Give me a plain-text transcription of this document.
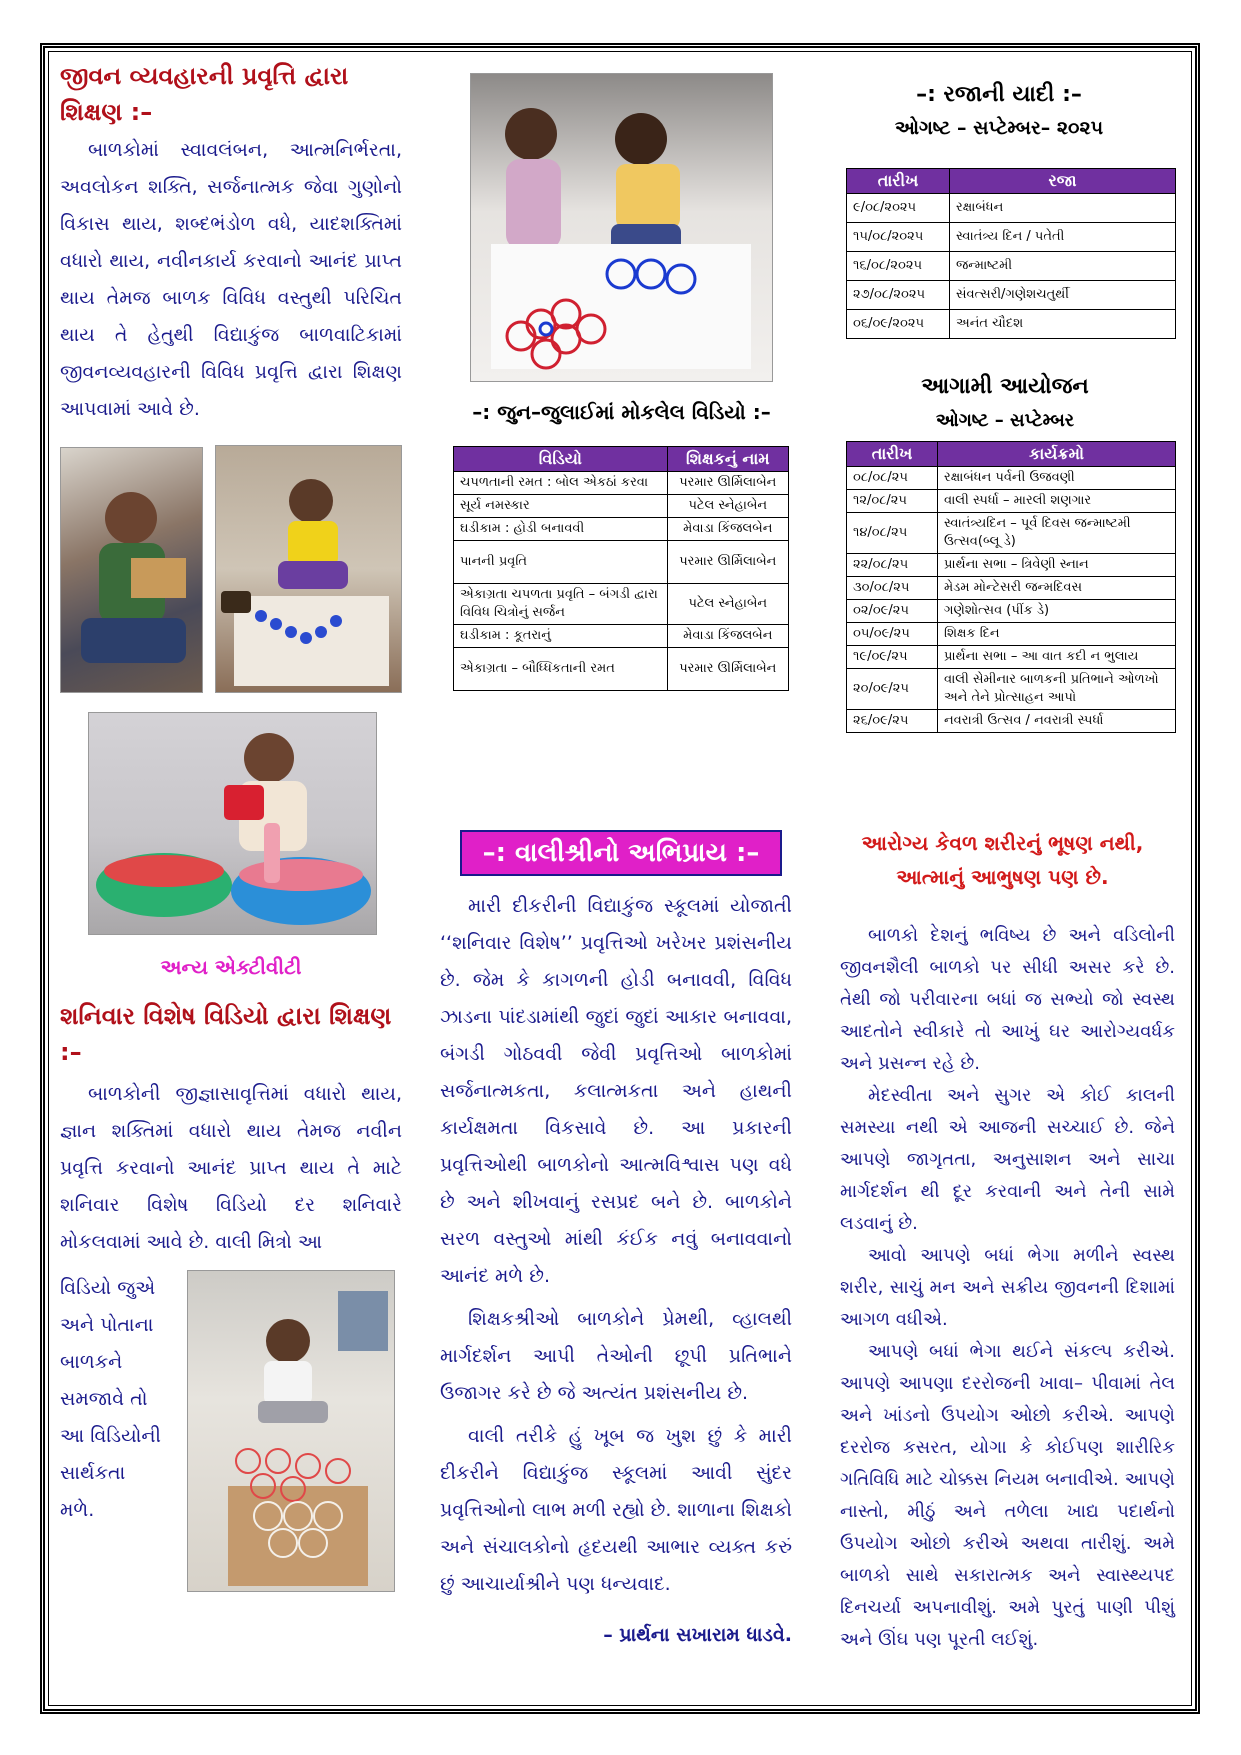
જીવન વ્યવહારની પ્રવૃત્તિ દ્વારા શિક્ષણ :–
બાળકોમાં સ્વાવલંબન, આત્મનિર્ભરતા, અવલોકન શક્તિ, સર્જનાત્મક જેવા ગુણોનો વિકાસ થાય, શબ્દભંડોળ વધે, યાદશક્તિમાં વધારો થાય, નવીનકાર્ય કરવાનો આનંદ પ્રાપ્ત થાય તેમજ બાળક વિવિધ વસ્તુથી પરિચિત થાય તે હેતુથી વિદ્યાકુંજ બાળવાટિકામાં જીવનવ્યવહારની વિવિધ પ્રવૃત્તિ દ્વારા શિક્ષણ આપવામાં આવે છે.
અન્ય એક્ટીવીટી
શનિવાર વિશેષ વિડિયો દ્વારા શિક્ષણ :–
બાળકોની જીજ્ઞાસાવૃત્તિમાં વધારો થાય, જ્ઞાન શક્તિમાં વધારો થાય તેમજ નવીન પ્રવૃત્તિ કરવાનો આનંદ પ્રાપ્ત થાય તે માટે શનિવાર વિશેષ વિડિયો દર શનિવારે મોકલવામાં આવે છે. વાલી મિત્રો આ
વિડિયો જુએ
અને પોતાના
બાળકને
સમજાવે તો
આ વિડિયોની
સાર્થકતા
મળે.
–: જુન–જુલાઈમાં મોકલેલ વિડિયો :–
વિડિયો	શિક્ષકનું નામ
ચપળતાની રમત : બોલ એકઠાં કરવા	પરમાર ઊર્મિલાબેન
સૂર્ય નમસ્કાર	પટેલ સ્નેહાબેન
ઘડીકામ : હોડી બનાવવી	મેવાડા કિંજલબેન
પાનની પ્રવૃતિ	પરમાર ઊર્મિલાબેન
એકાગ્રતા ચપળતા પ્રવૃતિ – બંગડી દ્વારા વિવિધ ચિત્રોનું સર્જન	પટેલ સ્નેહાબેન
ઘડીકામ : કૂતરાનું	મેવાડા કિંજલબેન
એકાગ્રતા – બૌધ્ધિકતાની રમત	પરમાર ઊર્મિલાબેન
–: વાલીશ્રીનો અભિપ્રાય :–
મારી દીકરીની વિદ્યાકુંજ સ્કૂલમાં યોજાતી ‘‘શનિવાર વિશેષ’’ પ્રવૃત્તિઓ ખરેખર પ્રશંસનીય છે. જેમ કે કાગળની હોડી બનાવવી, વિવિધ ઝાડના પાંદડામાંથી જુદાં જુદાં આકાર બનાવવા, બંગડી ગોઠવવી જેવી પ્રવૃત્તિઓ બાળકોમાં સર્જનાત્મકતા, કલાત્મકતા અને હાથની કાર્યક્ષમતા વિકસાવે છે. આ પ્રકારની પ્રવૃત્તિઓથી બાળકોનો આત્મવિશ્વાસ પણ વધે છે અને શીખવાનું રસપ્રદ બને છે. બાળકોને સરળ વસ્તુઓ માંથી કંઈક નવું બનાવવાનો આનંદ મળે છે.
શિક્ષકશ્રીઓ બાળકોને પ્રેમથી, વ્હાલથી માર્ગદર્શન આપી તેઓની છૂપી પ્રતિભાને ઉજાગર કરે છે જે અત્યંત પ્રશંસનીય છે.
વાલી તરીકે હું ખૂબ જ ખુશ છું કે મારી દીકરીને વિદ્યાકુંજ સ્કૂલમાં આવી સુંદર પ્રવૃત્તિઓનો લાભ મળી રહ્યો છે. શાળાના શિક્ષકો અને સંચાલકોનો હૃદયથી આભાર વ્યક્ત કરું છું આચાર્યાશ્રીને પણ ધન્યવાદ.
– પ્રાર્થના સખારામ ધાડવે.
–: રજાની યાદી :–
ઓગષ્ટ – સપ્ટેમ્બર– ૨૦૨૫
તારીખ	રજા
૯/૦૮/૨૦૨૫	રક્ષાબંધન
૧૫/૦૮/૨૦૨૫	સ્વાતંત્ર્ય દિન / પતેતી
૧૬/૦૮/૨૦૨૫	જન્માષ્ટમી
૨૭/૦૮/૨૦૨૫	સંવત્સરી/ગણેશચતુર્થી
૦૬/૦૯/૨૦૨૫	અનંત ચૌદશ
આગામી આયોજન
ઓગષ્ટ – સપ્ટેમ્બર
તારીખ	કાર્યક્રમો
૦૮/૦૮/૨૫	રક્ષાબંધન પર્વની ઉજવણી
૧૨/૦૮/૨૫	વાલી સ્પર્ધા – મારલી શણગાર
૧૪/૦૮/૨૫	સ્વાતંત્ર્યદિન – પૂર્વ દિવસ જન્માષ્ટમી ઉત્સવ(બ્લૂ ડે)
૨૨/૦૮/૨૫	પ્રાર્થના સભા – ત્રિવેણી સ્નાન
૩૦/૦૮/૨૫	મેડમ મોન્ટેસરી જન્મદિવસ
૦૨/૦૯/૨૫	ગણેશોત્સવ (પીંક ડે)
૦૫/૦૯/૨૫	શિક્ષક દિન
૧૯/૦૯/૨૫	પ્રાર્થના સભા – આ વાત કદી ન ભુલાય
૨૦/૦૯/૨૫	વાલી સેમીનાર બાળકની પ્રતિભાને ઓળખો અને તેને પ્રોત્સાહન આપો
૨૬/૦૯/૨૫	નવરાત્રી ઉત્સવ / નવરાત્રી સ્પર્ધા
આરોગ્ય કેવળ શરીરનું ભૂષણ નથી, આત્માનું આભુષણ પણ છે.
બાળકો દેશનું ભવિષ્ય છે અને વડિલોની જીવનશૈલી બાળકો પર સીધી અસર કરે છે. તેથી જો પરીવારના બધાં જ સભ્યો જો સ્વસ્થ આદતોને સ્વીકારે તો આખું ઘર આરોગ્યવર્ધક અને પ્રસન્ન રહે છે.
મેદસ્વીતા અને સુગર એ કોઈ કાલની સમસ્યા નથી એ આજની સચ્ચાઈ છે. જેને આપણે જાગૃતતા, અનુસાશન અને સાચા માર્ગદર્શન થી દૂર કરવાની અને તેની સામે લડવાનું છે.
આવો આપણે બધાં ભેગા મળીને સ્વસ્થ શરીર, સાચું મન અને સક્રીય જીવનની દિશામાં આગળ વધીએ.
આપણે બધાં ભેગા થઈને સંકલ્પ કરીએ. આપણે આપણા દરરોજની ખાવા– પીવામાં તેલ અને ખાંડનો ઉપયોગ ઓછો કરીએ. આપણે દરરોજ કસરત, યોગા કે કોઈપણ શારીરિક ગતિવિધિ માટે ચોક્કસ નિયમ બનાવીએ. આપણે નાસ્તો, મીઠું અને તળેલા ખાદ્ય પદાર્થનો ઉપયોગ ઓછો કરીએ અથવા તારીશું. અમે બાળકો સાથે સકારાત્મક અને સ્વાસ્થ્યપદ દિનચર્યા અપનાવીશું. અમે પુરતું પાણી પીશું અને ઊંઘ પણ પૂરતી લઈશું.
